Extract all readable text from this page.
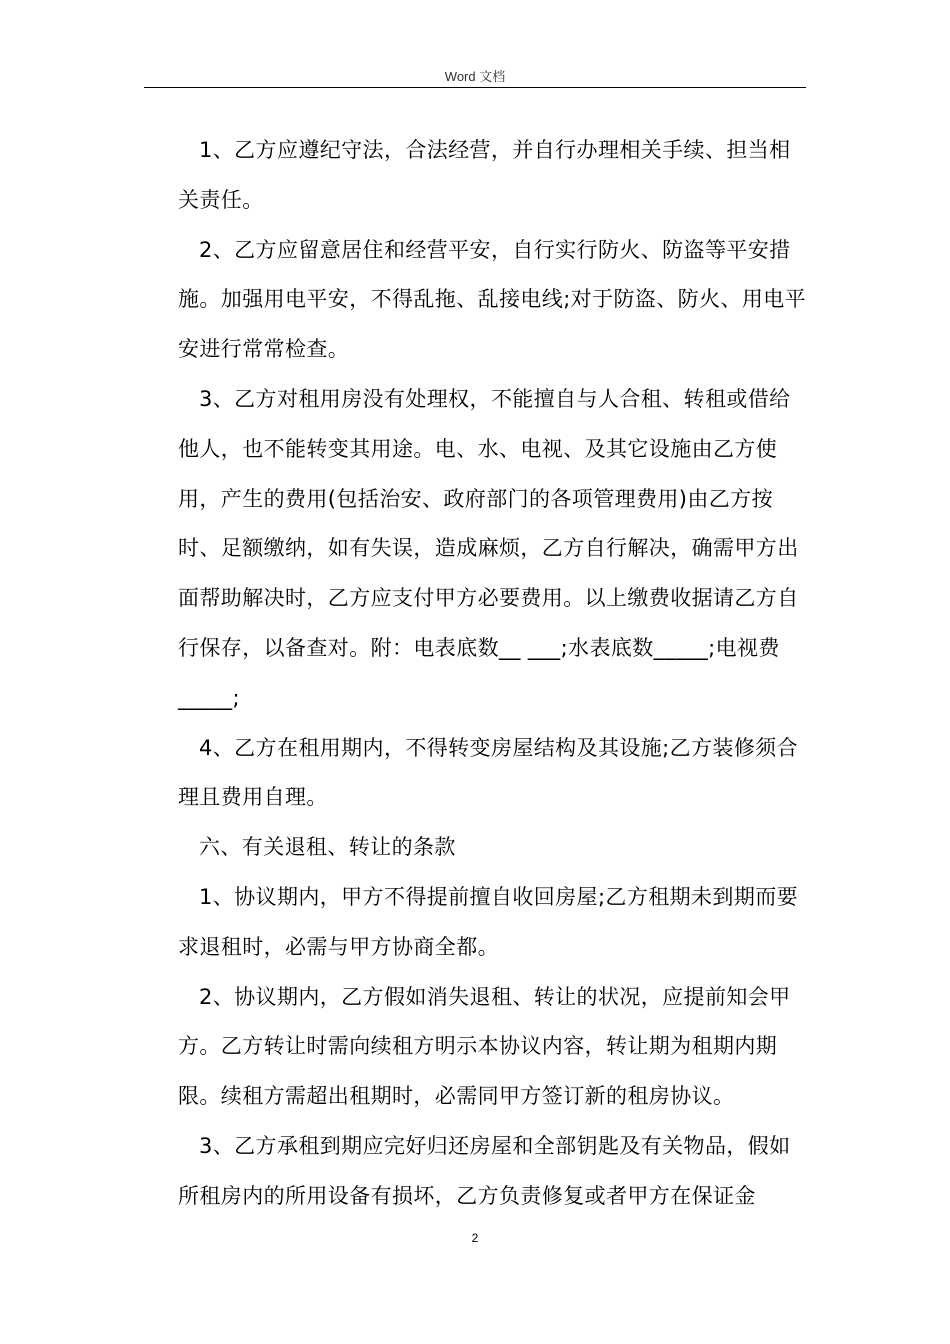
Word 文档

1、乙方应遵纪守法，合法经营，并自行办理相关手续、担当相关责任。

2、乙方应留意居住和经营平安，自行实行防火、防盗等平安措施。加强用电平安，不得乱拖、乱接电线;对于防盗、防火、用电平安进行常常检查。

3、乙方对租用房没有处理权，不能擅自与人合租、转租或借给他人，也不能转变其用途。电、水、电视、及其它设施由乙方使用，产生的费用(包括治安、政府部门的各项管理费用)由乙方按时、足额缴纳，如有失误，造成麻烦，乙方自行解决，确需甲方出面帮助解决时，乙方应支付甲方必要费用。以上缴费收据请乙方自行保存，以备查对。附：电表底数__ ___;水表底数_____;电视费_____;

4、乙方在租用期内，不得转变房屋结构及其设施;乙方装修须合理且费用自理。

六、有关退租、转让的条款

1、协议期内，甲方不得提前擅自收回房屋;乙方租期未到期而要求退租时，必需与甲方协商全都。

2、协议期内，乙方假如消失退租、转让的状况，应提前知会甲方。乙方转让时需向续租方明示本协议内容，转让期为租期内期限。续租方需超出租期时，必需同甲方签订新的租房协议。

3、乙方承租到期应完好归还房屋和全部钥匙及有关物品，假如所租房内的所用设备有损坏，乙方负责修复或者甲方在保证金

2
